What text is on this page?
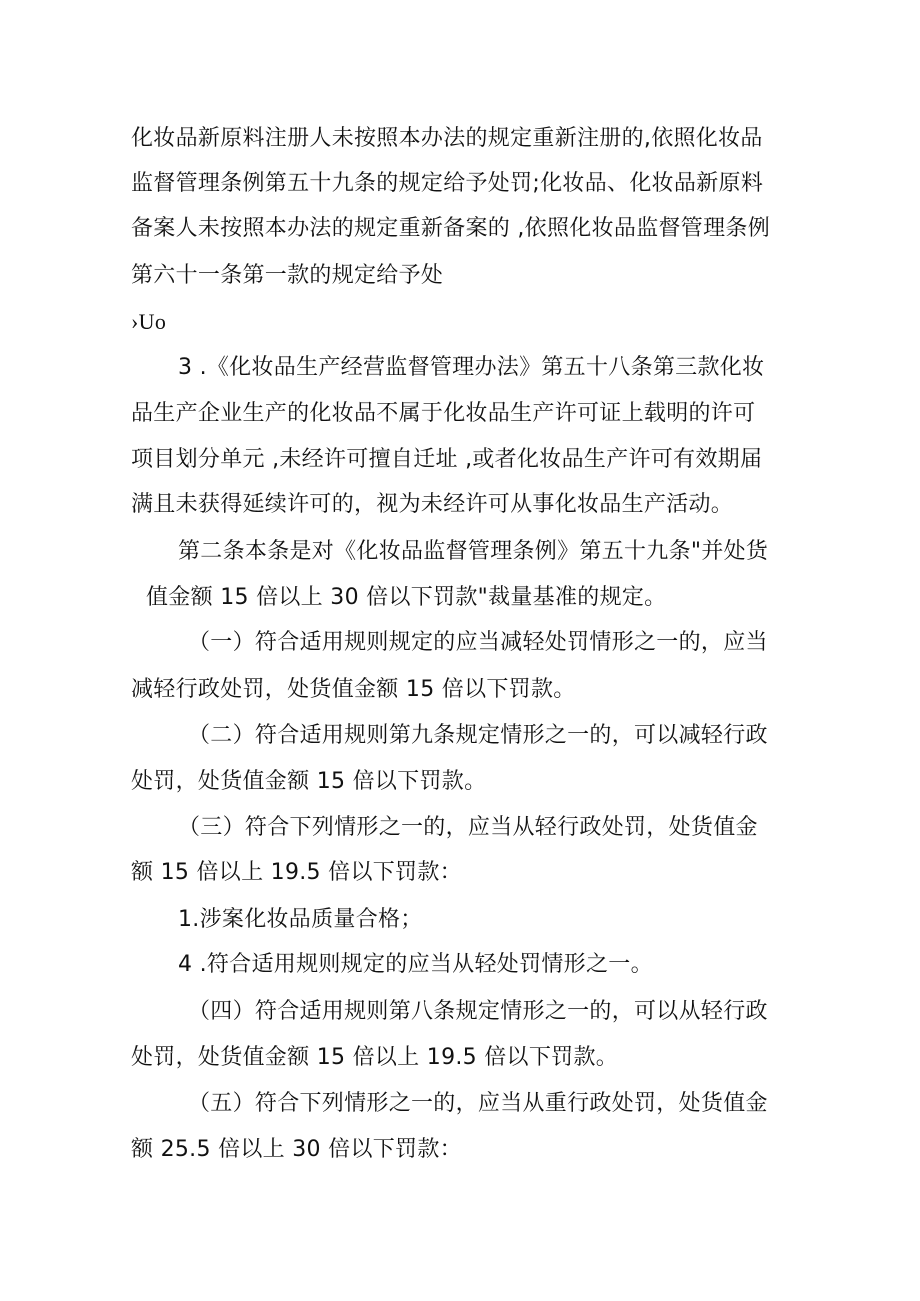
化妆品新原料注册人未按照本办法的规定重新注册的,依照化妆品
监督管理条例第五十九条的规定给予处罚;化妆品、化妆品新原料
备案人未按照本办法的规定重新备案的 ,依照化妆品监督管理条例
第六十一条第一款的规定给予处
›Uo
3 .《化妆品生产经营监督管理办法》第五十八条第三款化妆
品生产企业生产的化妆品不属于化妆品生产许可证上载明的许可
项目划分单元 ,未经许可擅自迁址 ,或者化妆品生产许可有效期届
满且未获得延续许可的，视为未经许可从事化妆品生产活动。
第二条本条是对《化妆品监督管理条例》第五十九条"并处货
值金额 15 倍以上 30 倍以下罚款"裁量基准的规定。
（一）符合适用规则规定的应当减轻处罚情形之一的，应当
减轻行政处罚，处货值金额 15 倍以下罚款。
（二）符合适用规则第九条规定情形之一的，可以减轻行政
处罚，处货值金额 15 倍以下罚款。
（三）符合下列情形之一的，应当从轻行政处罚，处货值金
额 15 倍以上 19.5 倍以下罚款：
1.涉案化妆品质量合格；
4 .符合适用规则规定的应当从轻处罚情形之一。
（四）符合适用规则第八条规定情形之一的，可以从轻行政
处罚，处货值金额 15 倍以上 19.5 倍以下罚款。
（五）符合下列情形之一的，应当从重行政处罚，处货值金
额 25.5 倍以上 30 倍以下罚款：
